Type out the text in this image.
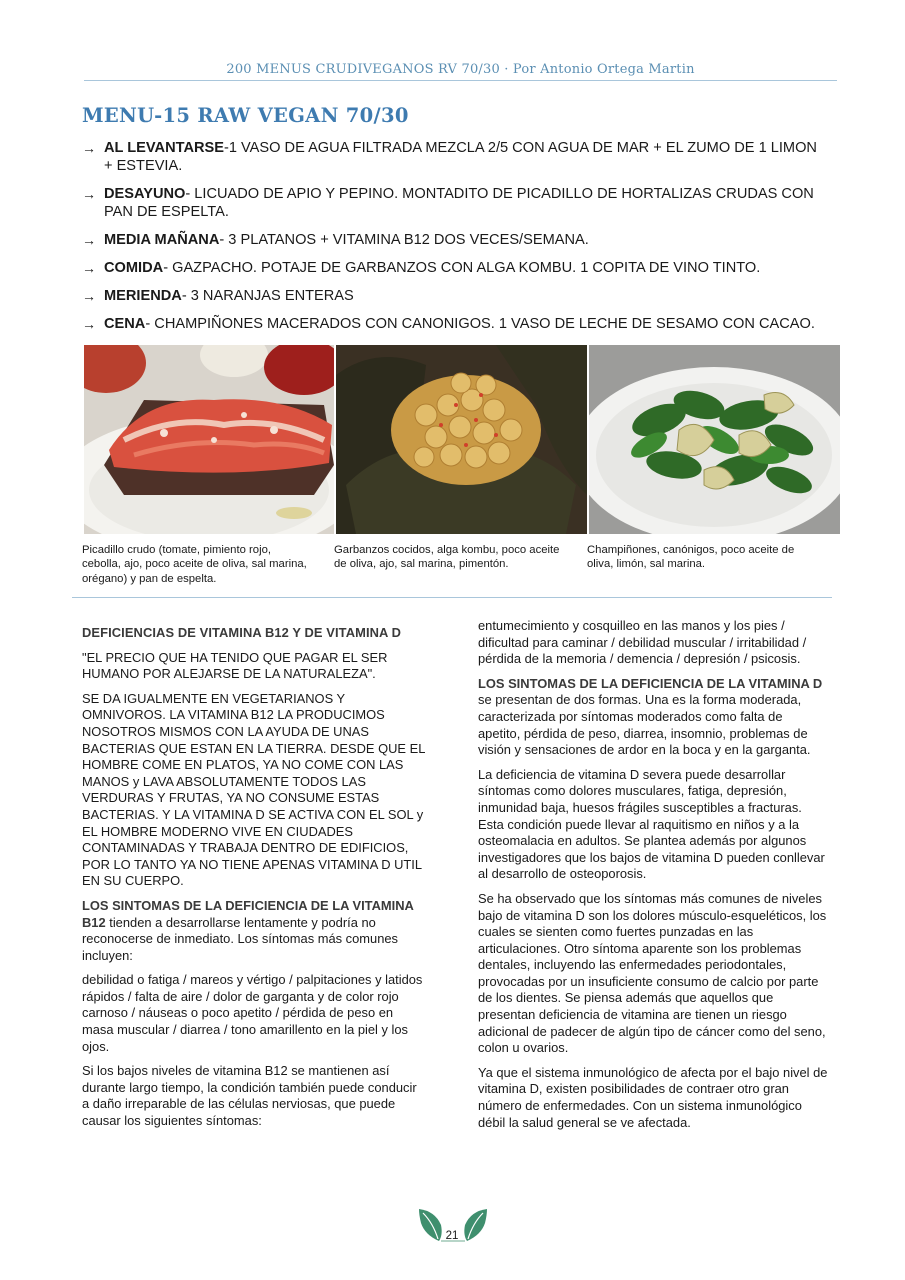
200 MENUS CRUDIVEGANOS RV 70/30 · Por Antonio Ortega Martin
MENU-15 RAW VEGAN 70/30
→ AL LEVANTARSE-1 VASO DE AGUA FILTRADA MEZCLA 2/5 CON AGUA DE MAR + EL ZUMO DE 1 LIMON + ESTEVIA.
→ DESAYUNO- LICUADO DE APIO Y PEPINO. MONTADITO DE PICADILLO DE HORTALIZAS CRUDAS CON PAN DE ESPELTA.
→ MEDIA MAÑANA- 3 PLATANOS + VITAMINA B12 DOS VECES/SEMANA.
→ COMIDA- GAZPACHO. POTAJE DE GARBANZOS CON ALGA KOMBU. 1 COPITA DE VINO TINTO.
→ MERIENDA- 3 NARANJAS ENTERAS
→ CENA- CHAMPIÑONES MACERADOS CON CANONIGOS. 1 VASO DE LECHE DE SESAMO CON CACAO.
Picadillo crudo (tomate, pimiento rojo, cebolla, ajo, poco aceite de oliva, sal marina, orégano) y pan de espelta.
Garbanzos cocidos, alga kombu, poco aceite de oliva, ajo, sal marina, pimentón.
Champiñones, canónigos, poco aceite de oliva, limón, sal marina.

DEFICIENCIAS DE VITAMINA B12 Y DE VITAMINA D

"EL PRECIO QUE HA TENIDO QUE PAGAR EL SER HUMANO POR ALEJARSE DE LA NATURALEZA".

SE DA IGUALMENTE EN VEGETARIANOS Y OMNIVOROS. LA VITAMINA B12 LA PRODUCIMOS NOSOTROS MISMOS CON LA AYUDA DE UNAS BACTERIAS QUE ESTAN EN LA TIERRA. DESDE QUE EL HOMBRE COME EN PLATOS, YA NO COME CON LAS MANOS y LAVA ABSOLUTAMENTE TODOS LAS VERDURAS Y FRUTAS, YA NO CONSUME ESTAS BACTERIAS. Y LA VITAMINA D SE ACTIVA CON EL SOL y EL HOMBRE MODERNO VIVE EN CIUDADES CONTAMINADAS Y TRABAJA DENTRO DE EDIFICIOS, POR LO TANTO YA NO TIENE APENAS VITAMINA D UTIL EN SU CUERPO.

LOS SINTOMAS DE LA DEFICIENCIA DE LA VITAMINA B12 tienden a desarrollarse lentamente y podría no reconocerse de inmediato. Los síntomas más comunes incluyen:

debilidad o fatiga / mareos y vértigo / palpitaciones y latidos rápidos / falta de aire / dolor de garganta y de color rojo carnoso / náuseas o poco apetito / pérdida de peso en masa muscular / diarrea / tono amarillento en la piel y los ojos.

Si los bajos niveles de vitamina B12 se mantienen así durante largo tiempo, la condición también puede conducir a daño irreparable de las células nerviosas, que puede causar los siguientes síntomas:

entumecimiento y cosquilleo en las manos y los pies / dificultad para caminar / debilidad muscular / irritabilidad / pérdida de la memoria / demencia / depresión / psicosis.

LOS SINTOMAS DE LA DEFICIENCIA DE LA VITAMINA D se presentan de dos formas. Una es la forma moderada, caracterizada por síntomas moderados como falta de apetito, pérdida de peso, diarrea, insomnio, problemas de visión y sensaciones de ardor en la boca y en la garganta.

La deficiencia de vitamina D severa puede desarrollar síntomas como dolores musculares, fatiga, depresión, inmunidad baja, huesos frágiles susceptibles a fracturas. Esta condición puede llevar al raquitismo en niños y a la osteomalacia en adultos. Se plantea además por algunos investigadores que los bajos de vitamina D pueden conllevar al desarrollo de osteoporosis.

Se ha observado que los síntomas más comunes de niveles bajo de vitamina D son los dolores músculo-esqueléticos, los cuales se sienten como fuertes punzadas en las articulaciones. Otro síntoma aparente son los problemas dentales, incluyendo las enfermedades periodontales, provocadas por un insuficiente consumo de calcio por parte de los dientes. Se piensa además que aquellos que presentan deficiencia de vitamina are tienen un riesgo adicional de padecer de algún tipo de cáncer como del seno, colon u ovarios.

Ya que el sistema inmunológico de afecta por el bajo nivel de vitamina D, existen posibilidades de contraer otro gran número de enfermedades. Con un sistema inmunológico débil la salud general se ve afectada.

21
